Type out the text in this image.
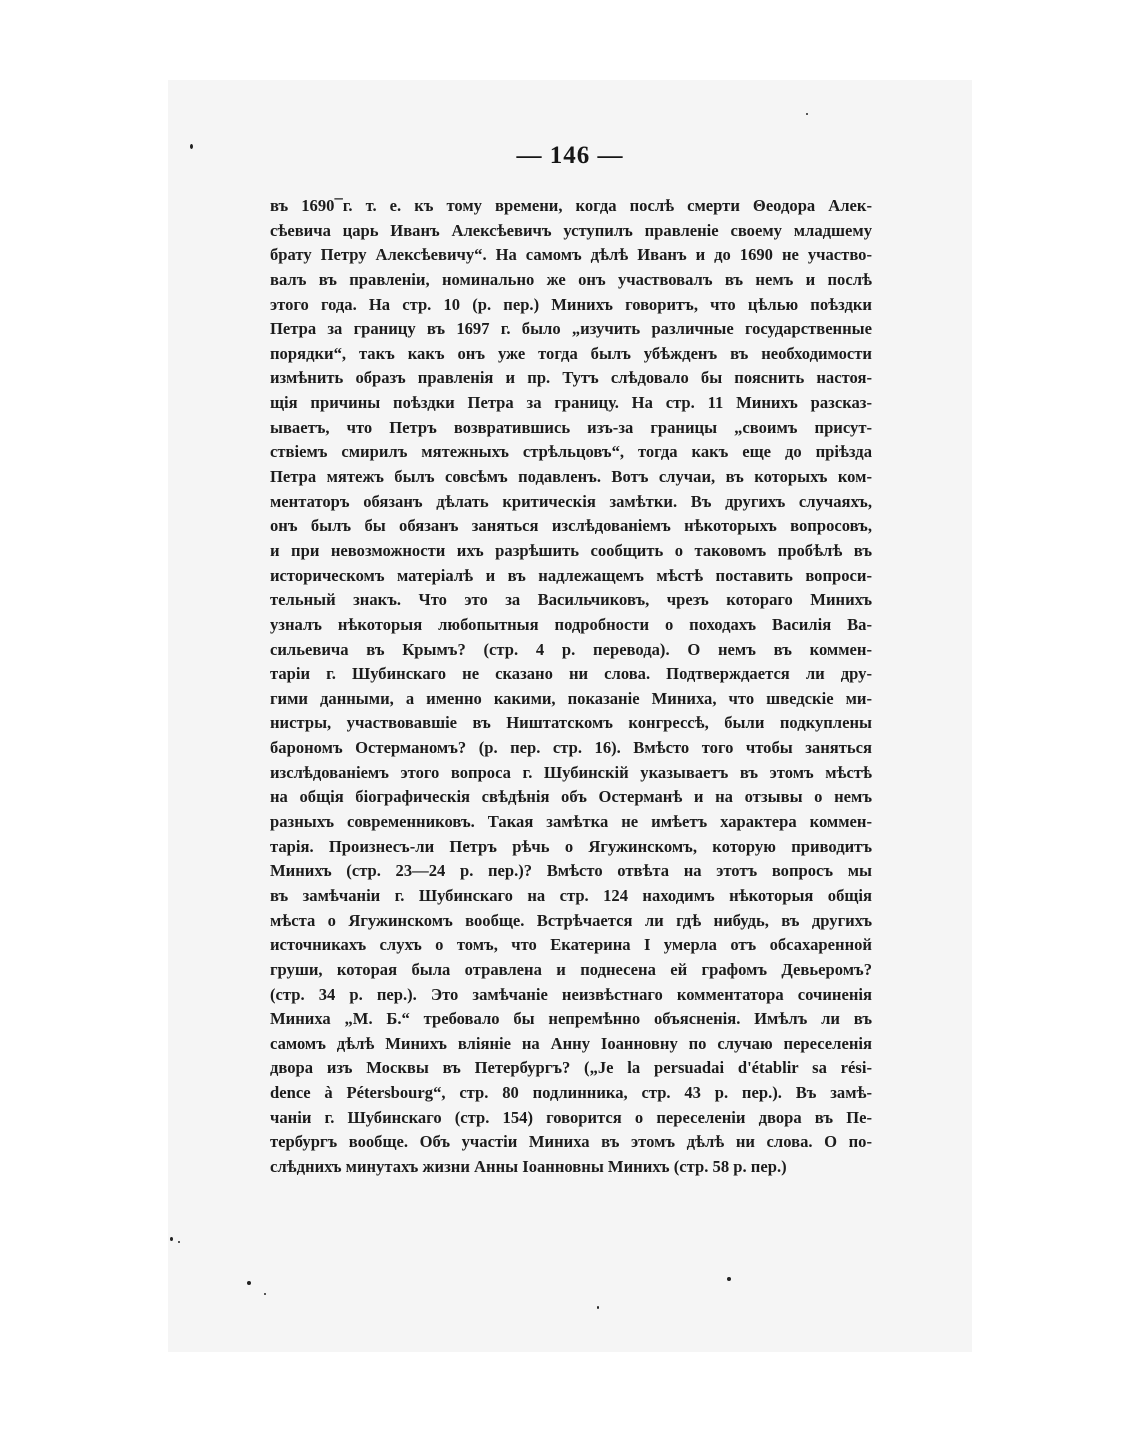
— 146 —
въ 1690¯г. т. е. къ тому времени, когда послѣ смерти Θеодора Алек-
сѣевича царь Иванъ Алексѣевичъ уступилъ правленіе своему младшему
брату Петру Алексѣевичу“. На самомъ дѣлѣ Иванъ и до 1690 не участво-
валъ въ правленіи, номинально же онъ участвовалъ въ немъ и послѣ
этого года. На стр. 10 (р. пер.) Минихъ говоритъ, что цѣлью поѣздки
Петра за границу въ 1697 г. было „изучить различные государственные
порядки“, такъ какъ онъ уже тогда былъ убѣжденъ въ необходимости
измѣнить образъ правленія и пр. Тутъ слѣдовало бы пояснить настоя-
щія причины поѣздки Петра за границу. На стр. 11 Минихъ разсказ-
ываетъ, что Петръ возвратившись изъ-за границы „своимъ присут-
ствіемъ смирилъ мятежныхъ стрѣльцовъ“, тогда какъ еще до пріѣзда
Петра мятежъ былъ совсѣмъ подавленъ. Вотъ случаи, въ которыхъ ком-
ментаторъ обязанъ дѣлать критическія замѣтки. Въ другихъ случаяхъ,
онъ былъ бы обязанъ заняться изслѣдованіемъ нѣкоторыхъ вопросовъ,
и при невозможности ихъ разрѣшить сообщить о таковомъ пробѣлѣ въ
историческомъ матеріалѣ и въ надлежащемъ мѣстѣ поставить вопроси-
тельный знакъ. Что это за Васильчиковъ, чрезъ котораго Минихъ
узналъ нѣкоторыя любопытныя подробности о походахъ Василія Ва-
сильевича въ Крымъ? (стр. 4 р. перевода). О немъ въ коммен-
таріи г. Шубинскаго не сказано ни слова. Подтверждается ли дру-
гими данными, а именно какими, показаніе Миниха, что шведскіе ми-
нистры, участвовавшіе въ Ништатскомъ конгрессѣ, были подкуплены
барономъ Остерманомъ? (р. пер. стр. 16). Вмѣсто того чтобы заняться
изслѣдованіемъ этого вопроса г. Шубинскій указываетъ въ этомъ мѣстѣ
на общія біографическія свѣдѣнія объ Остерманѣ и на отзывы о немъ
разныхъ современниковъ. Такая замѣтка не имѣетъ характера коммен-
тарія. Произнесъ-ли Петръ рѣчь о Ягужинскомъ, которую приводитъ
Минихъ (стр. 23—24 р. пер.)? Вмѣсто отвѣта на этотъ вопросъ мы
въ замѣчаніи г. Шубинскаго на стр. 124 находимъ нѣкоторыя общія
мѣста о Ягужинскомъ вообще. Встрѣчается ли гдѣ нибудь, въ другихъ
источникахъ слухъ о томъ, что Екатерина I умерла отъ обсахаренной
груши, которая была отравлена и поднесена ей графомъ Девьеромъ?
(стр. 34 р. пер.). Это замѣчаніе неизвѣстнаго комментатора сочиненія
Миниха „М. Б.“ требовало бы непремѣнно объясненія. Имѣлъ ли въ
самомъ дѣлѣ Минихъ вліяніе на Анну Іоанновну по случаю переселенія
двора изъ Москвы въ Петербургъ? („Je la persuadai d'établir sa rési-
dence à Pétersbourg“, стр. 80 подлинника, стр. 43 р. пер.). Въ замѣ-
чаніи г. Шубинскаго (стр. 154) говорится о переселеніи двора въ Пе-
тербургъ вообще. Объ участіи Миниха въ этомъ дѣлѣ ни слова. О по-
слѣднихъ минутахъ жизни Анны Іоанновны Минихъ (стр. 58 р. пер.)
